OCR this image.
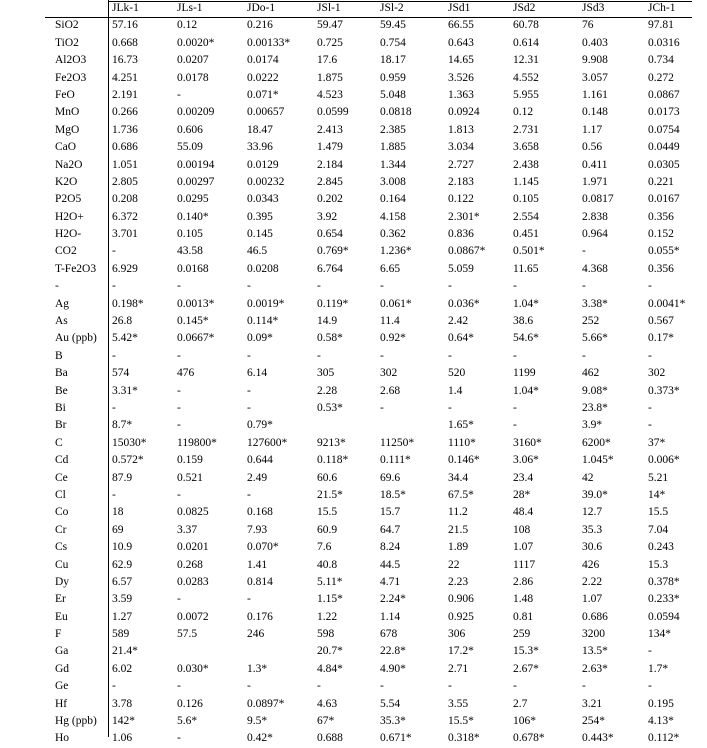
	JLk-1	JLs-1	JDo-1	JSl-1	JSl-2	JSd1	JSd2	JSd3	JCh-1
SiO2	57.16	0.12	0.216	59.47	59.45	66.55	60.78	76	97.81
TiO2	0.668	0.0020*	0.00133*	0.725	0.754	0.643	0.614	0.403	0.0316
Al2O3	16.73	0.0207	0.0174	17.6	18.17	14.65	12.31	9.908	0.734
Fe2O3	4.251	0.0178	0.0222	1.875	0.959	3.526	4.552	3.057	0.272
FeO	2.191	-	0.071*	4.523	5.048	1.363	5.955	1.161	0.0867
MnO	0.266	0.00209	0.00657	0.0599	0.0818	0.0924	0.12	0.148	0.0173
MgO	1.736	0.606	18.47	2.413	2.385	1.813	2.731	1.17	0.0754
CaO	0.686	55.09	33.96	1.479	1.885	3.034	3.658	0.56	0.0449
Na2O	1.051	0.00194	0.0129	2.184	1.344	2.727	2.438	0.411	0.0305
K2O	2.805	0.00297	0.00232	2.845	3.008	2.183	1.145	1.971	0.221
P2O5	0.208	0.0295	0.0343	0.202	0.164	0.122	0.105	0.0817	0.0167
H2O+	6.372	0.140*	0.395	3.92	4.158	2.301*	2.554	2.838	0.356
H2O-	3.701	0.105	0.145	0.654	0.362	0.836	0.451	0.964	0.152
CO2	-	43.58	46.5	0.769*	1.236*	0.0867*	0.501*	-	0.055*
T-Fe2O3	6.929	0.0168	0.0208	6.764	6.65	5.059	11.65	4.368	0.356
-	-	-	-	-	-	-	-	-	-
Ag	0.198*	0.0013*	0.0019*	0.119*	0.061*	0.036*	1.04*	3.38*	0.0041*
As	26.8	0.145*	0.114*	14.9	11.4	2.42	38.6	252	0.567
Au (ppb)	5.42*	0.0667*	0.09*	0.58*	0.92*	0.64*	54.6*	5.66*	0.17*
B	-	-	-	-	-	-	-	-	-
Ba	574	476	6.14	305	302	520	1199	462	302
Be	3.31*	-	-	2.28	2.68	1.4	1.04*	9.08*	0.373*
Bi	-	-	-	0.53*	-	-	-	23.8*	-
Br	8.7*	-	0.79*			1.65*	-	3.9*	-
C	15030*	119800*	127600*	9213*	11250*	1110*	3160*	6200*	37*
Cd	0.572*	0.159	0.644	0.118*	0.111*	0.146*	3.06*	1.045*	0.006*
Ce	87.9	0.521	2.49	60.6	69.6	34.4	23.4	42	5.21
Cl	-	-	-	21.5*	18.5*	67.5*	28*	39.0*	14*
Co	18	0.0825	0.168	15.5	15.7	11.2	48.4	12.7	15.5
Cr	69	3.37	7.93	60.9	64.7	21.5	108	35.3	7.04
Cs	10.9	0.0201	0.070*	7.6	8.24	1.89	1.07	30.6	0.243
Cu	62.9	0.268	1.41	40.8	44.5	22	1117	426	15.3
Dy	6.57	0.0283	0.814	5.11*	4.71	2.23	2.86	2.22	0.378*
Er	3.59	-	-	1.15*	2.24*	0.906	1.48	1.07	0.233*
Eu	1.27	0.0072	0.176	1.22	1.14	0.925	0.81	0.686	0.0594
F	589	57.5	246	598	678	306	259	3200	134*
Ga	21.4*			20.7*	22.8*	17.2*	15.3*	13.5*	-
Gd	6.02	0.030*	1.3*	4.84*	4.90*	2.71	2.67*	2.63*	1.7*
Ge	-	-	-	-	-	-	-	-	-
Hf	3.78	0.126	0.0897*	4.63	5.54	3.55	2.7	3.21	0.195
Hg (ppb)	142*	5.6*	9.5*	67*	35.3*	15.5*	106*	254*	4.13*
Ho	1.06	-	0.42*	0.688	0.671*	0.318*	0.678*	0.443*	0.112*
